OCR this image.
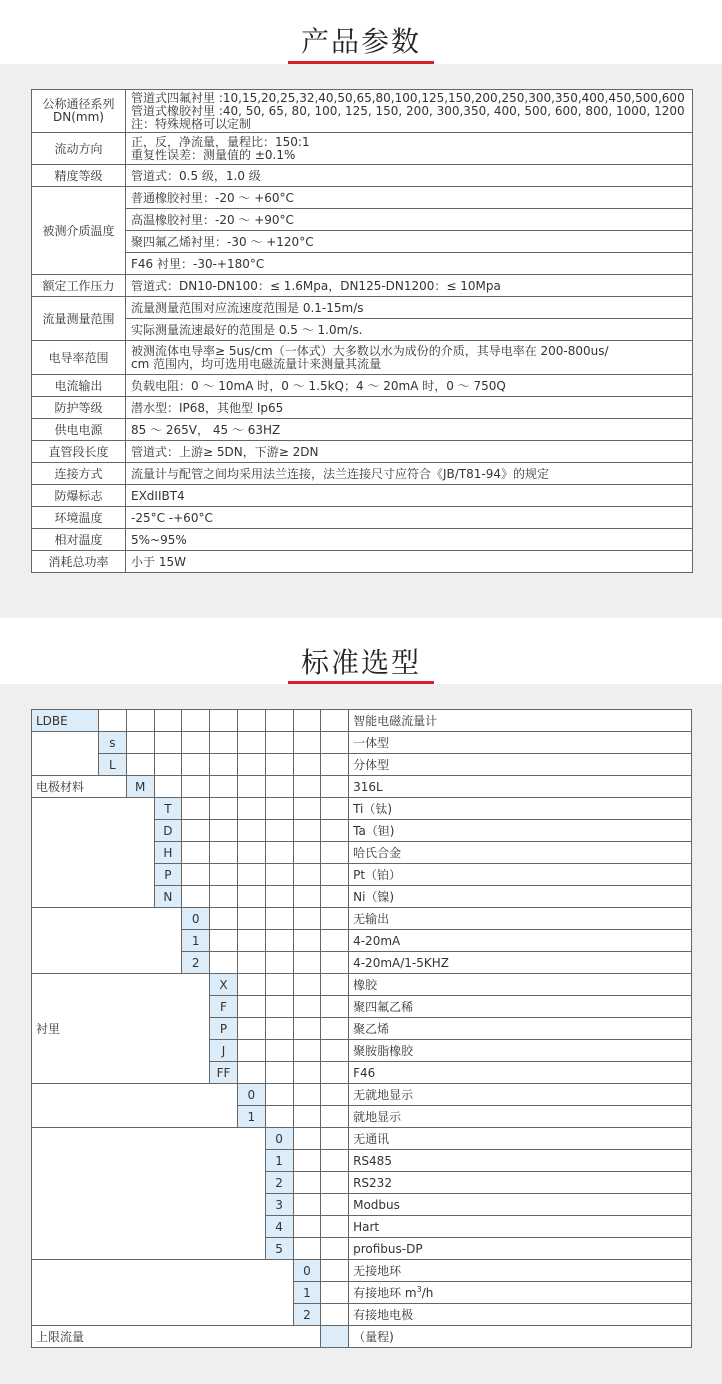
产品参数
公称通径系列DN(mm)	管道式四氟衬里 :10,15,20,25,32,40,50,65,80,100,125,150,200,250,300,350,400,450,500,600
管道式橡胶衬里 :40, 50, 65, 80, 100, 125, 150, 200, 300,350, 400, 500, 600, 800, 1000, 1200
注：特殊规格可以定制

流动方向	正，反，净流量，量程比：150:1
重复性误差：测量值的 ±0.1%

精度等级	管道式：0.5 级，1.0 级
被测介质温度	普通橡胶衬里：-20 ～ +60°C
	高温橡胶衬里：-20 ～ +90°C
	聚四氟乙烯衬里：-30 ～ +120°C
	F46 衬里：-30-+180°C
额定工作压力	管道式：DN10-DN100：≤ 1.6Mpa，DN125-DN1200：≤ 10Mpa
流量测量范围	流量测量范围对应流速度范围是 0.1-15m/s
	实际测量流速最好的范围是 0.5 ～ 1.0m/s.
电导率范围	被测流体电导率≥ 5us/cm（一体式）大多数以水为成份的介质，其导电率在 200-800us/
cm 范围内，均可选用电磁流量计来测量其流量

电流输出	负载电阻：0 ～ 10mA 时，0 ～ 1.5kQ；4 ～ 20mA 时，0 ～ 750Q
防护等级	潜水型：IP68，其他型 Ip65
供电电源	85 ～ 265V， 45 ～ 63HZ
直管段长度	管道式：上游≥ 5DN，下游≥ 2DN
连接方式	流量计与配管之间均采用法兰连接，法兰连接尺寸应符合《JB/T81-94》的规定
防爆标志	EXdIIBT4
环境温度	-25°C -+60°C
相对温度	5%~95%
消耗总功率	小于 15W
标准选型
LDBE										智能电磁流量计
	s									一体型
	L									分体型
电极材料		M								316L
			T							Ti（钛)
			D							Ta（钽)
			H							哈氏合金
			P							Pt（铂）
			N							Ni（镍)
				0						无输出
				1						4-20mA
				2						4-20mA/1-5KHZ
衬里					X					橡胶
					F					聚四氟乙稀
					P					聚乙烯
					J					聚胺脂橡胶
					FF					F46
						0				无就地显示
						1				就地显示
							0			无通讯
							1			RS485
							2			RS232
							3			Modbus
							4			Hart
							5			profibus-DP
								0		无接地环
								1		有接地环 $m^3/h$
								2		有接地电极
上限流量										（量程)
